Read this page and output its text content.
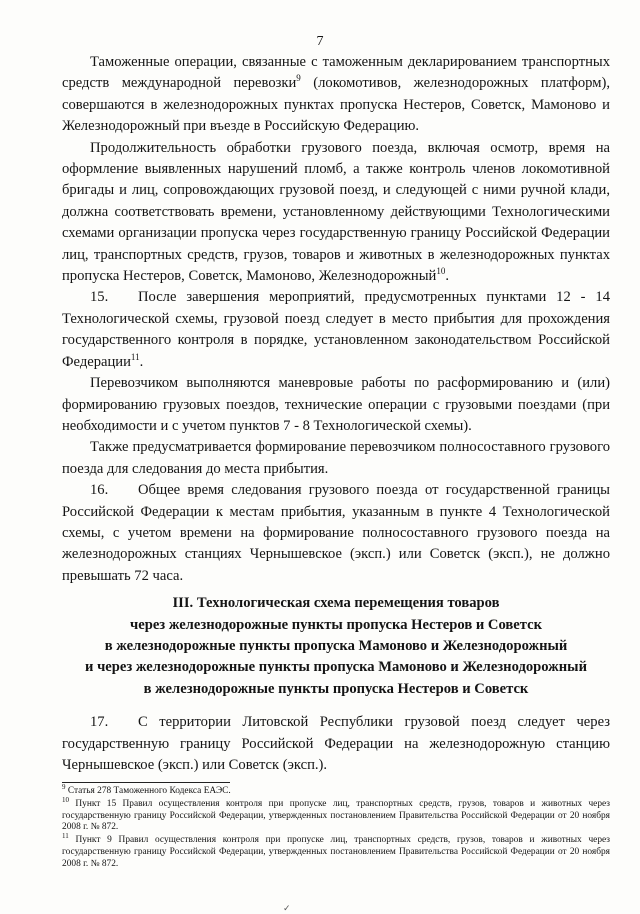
7

Таможенные операции, связанные с таможенным декларированием транспортных средств международной перевозки$^9$ (локомотивов, железнодорожных платформ), совершаются в железнодорожных пунктах пропуска Нестеров, Советск, Мамоново и Железнодорожный при въезде в Российскую Федерацию.

Продолжительность обработки грузового поезда, включая осмотр, время на оформление выявленных нарушений пломб, а также контроль членов локомотивной бригады и лиц, сопровождающих грузовой поезд, и следующей с ними ручной клади, должна соответствовать времени, установленному действующими Технологическими схемами организации пропуска через государственную границу Российской Федерации лиц, транспортных средств, грузов, товаров и животных в железнодорожных пунктах пропуска Нестеров, Советск, Мамоново, Железнодорожный$^{10}$.

15. После завершения мероприятий, предусмотренных пунктами 12 - 14 Технологической схемы, грузовой поезд следует в место прибытия для прохождения государственного контроля в порядке, установленном законодательством Российской Федерации$^{11}$.

Перевозчиком выполняются маневровые работы по расформированию и (или) формированию грузовых поездов, технические операции с грузовыми поездами (при необходимости и с учетом пунктов 7 - 8 Технологической схемы).

Также предусматривается формирование перевозчиком полносоставного грузового поезда для следования до места прибытия.

16. Общее время следования грузового поезда от государственной границы Российской Федерации к местам прибытия, указанным в пункте 4 Технологической схемы, с учетом времени на формирование полносоставного грузового поезда на железнодорожных станциях Чернышевское (эксп.) или Советск (эксп.), не должно превышать 72 часа.

III. Технологическая схема перемещения товаров
через железнодорожные пункты пропуска Нестеров и Советск
в железнодорожные пункты пропуска Мамоново и Железнодорожный
и через железнодорожные пункты пропуска Мамоново и Железнодорожный
в железнодорожные пункты пропуска Нестеров и Советск

17. С территории Литовской Республики грузовой поезд следует через государственную границу Российской Федерации на железнодорожную станцию Чернышевское (эксп.) или Советск (эксп.).

$^9$ Статья 278 Таможенного Кодекса ЕАЭС.

$^{10}$ Пункт 15 Правил осуществления контроля при пропуске лиц, транспортных средств, грузов, товаров и животных через государственную границу Российской Федерации, утвержденных постановлением Правительства Российской Федерации от 20 ноября 2008 г. № 872.

$^{11}$ Пункт 9 Правил осуществления контроля при пропуске лиц, транспортных средств, грузов, товаров и животных через государственную границу Российской Федерации, утвержденных постановлением Правительства Российской Федерации от 20 ноября 2008 г. № 872.

✓
